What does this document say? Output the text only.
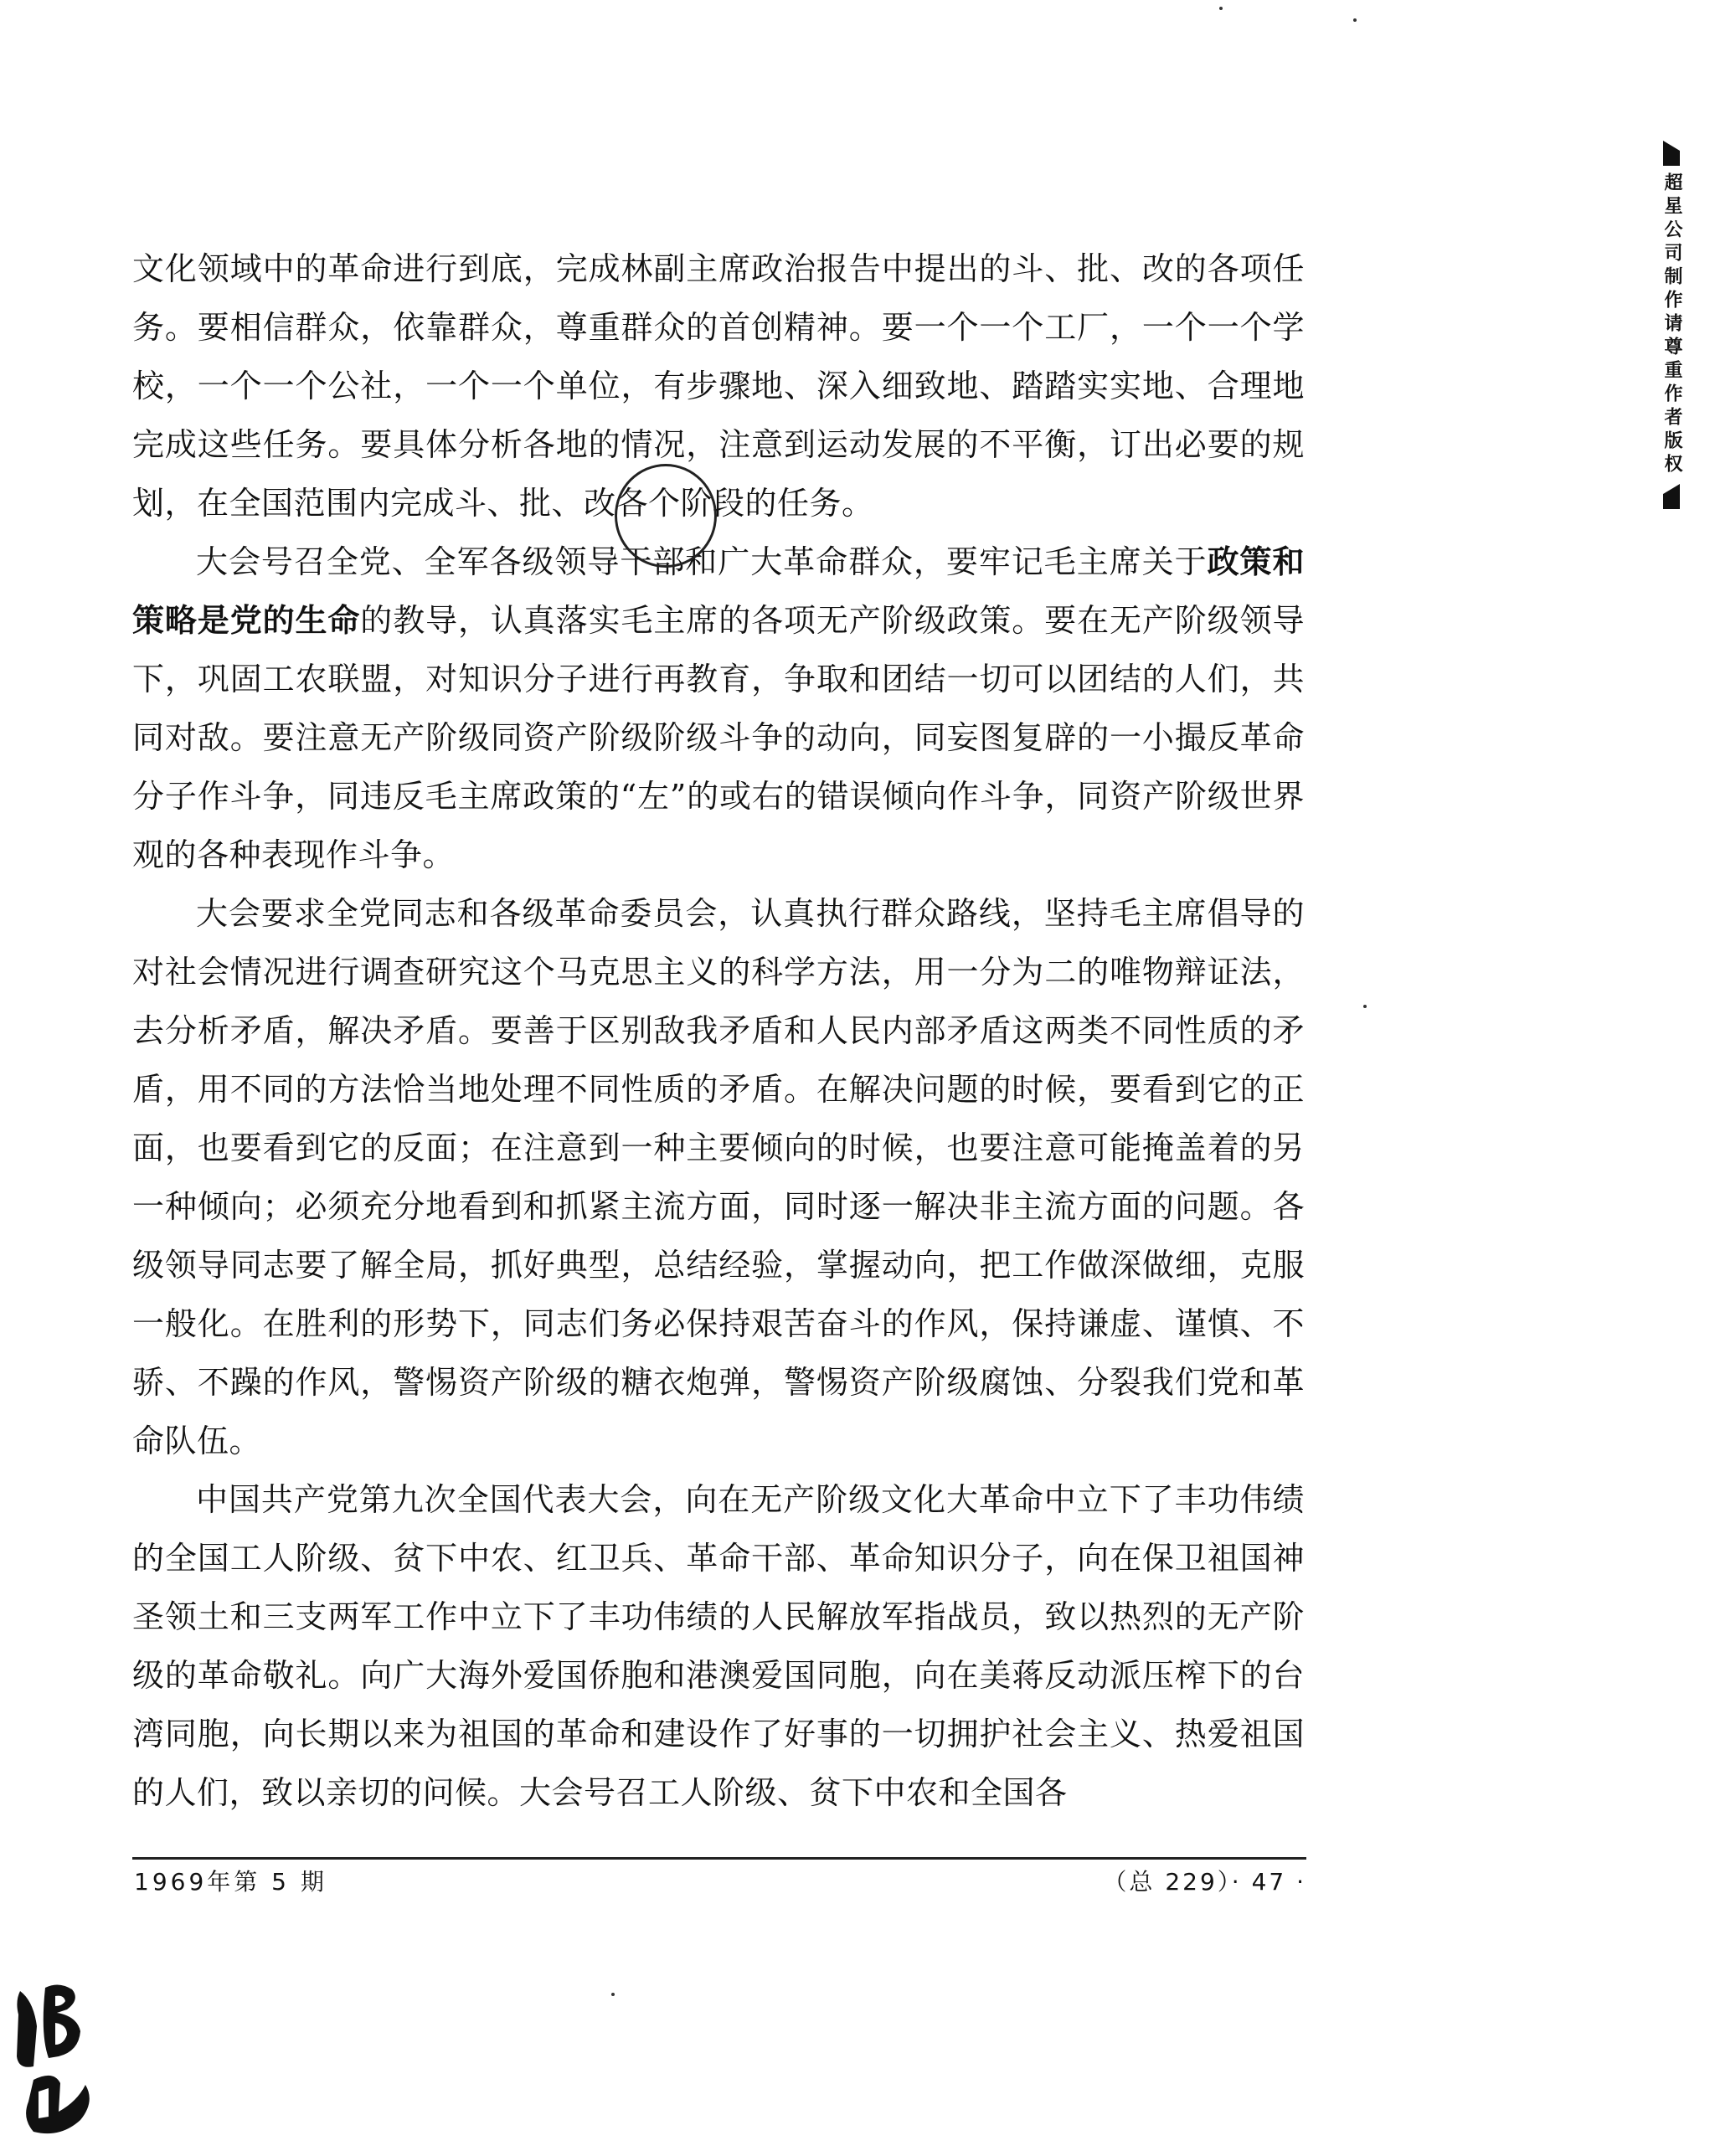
超星公司制作请尊重作者版权

文化领域中的革命进行到底，完成林副主席政治报告中提出的斗、批、改的各项任务。要相信群众，依靠群众，尊重群众的首创精神。要一个一个工厂，一个一个学校，一个一个公社，一个一个单位，有步骤地、深入细致地、踏踏实实地、合理地完成这些任务。要具体分析各地的情况，注意到运动发展的不平衡，订出必要的规划，在全国范围内完成斗、批、改各个阶段的任务。

大会号召全党、全军各级领导干部和广大革命群众，要牢记毛主席关于政策和策略是党的生命的教导，认真落实毛主席的各项无产阶级政策。要在无产阶级领导下，巩固工农联盟，对知识分子进行再教育，争取和团结一切可以团结的人们，共同对敌。要注意无产阶级同资产阶级阶级斗争的动向，同妄图复辟的一小撮反革命分子作斗争，同违反毛主席政策的“左”的或右的错误倾向作斗争，同资产阶级世界观的各种表现作斗争。

大会要求全党同志和各级革命委员会，认真执行群众路线，坚持毛主席倡导的对社会情况进行调查研究这个马克思主义的科学方法，用一分为二的唯物辩证法，去分析矛盾，解决矛盾。要善于区别敌我矛盾和人民内部矛盾这两类不同性质的矛盾，用不同的方法恰当地处理不同性质的矛盾。在解决问题的时候，要看到它的正面，也要看到它的反面；在注意到一种主要倾向的时候，也要注意可能掩盖着的另一种倾向；必须充分地看到和抓紧主流方面，同时逐一解决非主流方面的问题。各级领导同志要了解全局，抓好典型，总结经验，掌握动向，把工作做深做细，克服一般化。在胜利的形势下，同志们务必保持艰苦奋斗的作风，保持谦虚、谨慎、不骄、不躁的作风，警惕资产阶级的糖衣炮弹，警惕资产阶级腐蚀、分裂我们党和革命队伍。

中国共产党第九次全国代表大会，向在无产阶级文化大革命中立下了丰功伟绩的全国工人阶级、贫下中农、红卫兵、革命干部、革命知识分子，向在保卫祖国神圣领土和三支两军工作中立下了丰功伟绩的人民解放军指战员，致以热烈的无产阶级的革命敬礼。向广大海外爱国侨胞和港澳爱国同胞，向在美蒋反动派压榨下的台湾同胞，向长期以来为祖国的革命和建设作了好事的一切拥护社会主义、热爱祖国的人们，致以亲切的问候。大会号召工人阶级、贫下中农和全国各

1969年第 5 期	（总 229）· 47 ·
